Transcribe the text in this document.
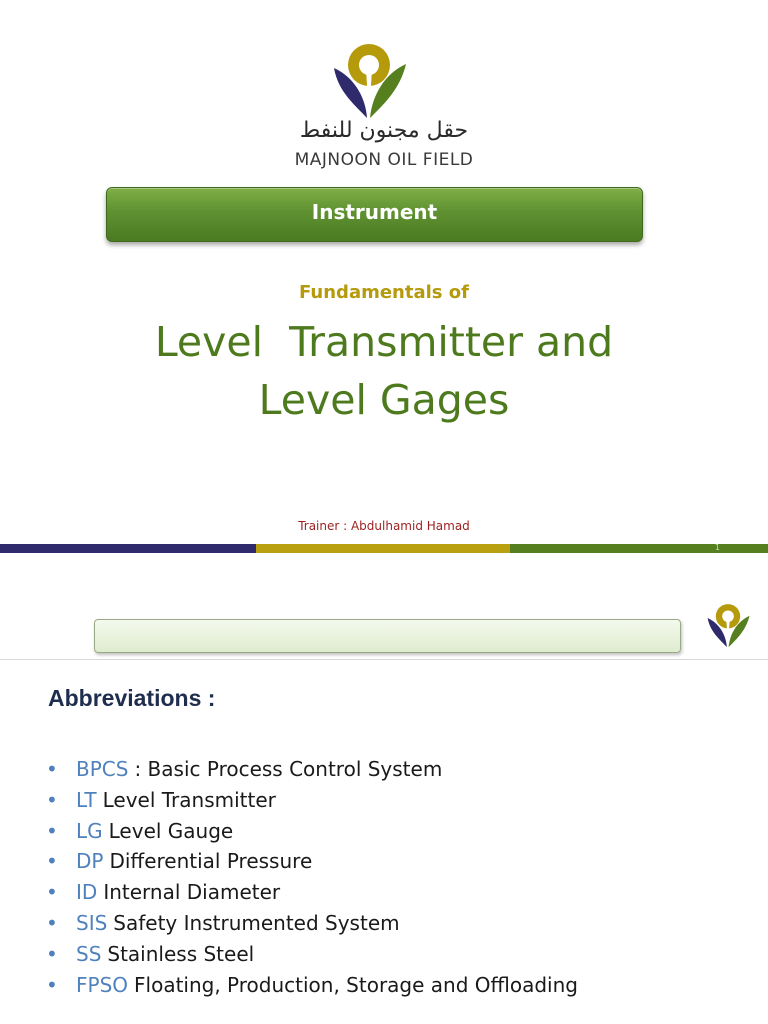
حقل مجنون للنفط
MAJNOON OIL FIELD
Instrument
Fundamentals of
Level  Transmitter and
Level Gages
Trainer : Abdulhamid Hamad
1
Abbreviations :
• BPCS : Basic Process Control System
• LT Level Transmitter
• LG Level Gauge
• DP Differential Pressure
• ID Internal Diameter
• SIS Safety Instrumented System
• SS Stainless Steel
• FPSO Floating, Production, Storage and Offloading
